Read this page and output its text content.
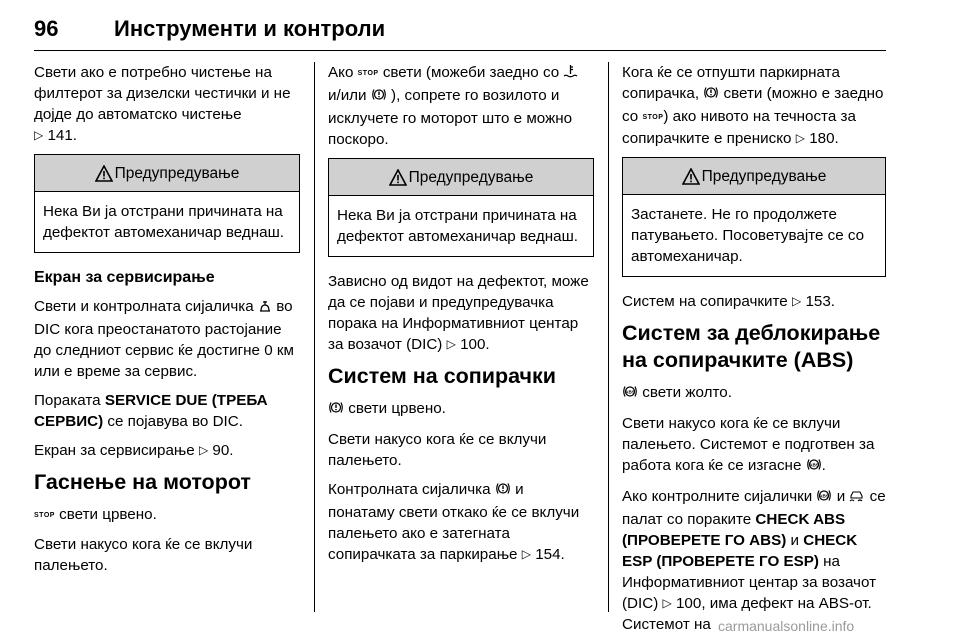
96	Инструменти и контроли

Свети ако е потребно чистење на филтерот за дизелски честички и не дојде до автоматско чистење
▷ 141.

Предупредување
Нека Ви ја отстрани причината на дефектот автомеханичар веднаш.
Екран за сервисирање

Свети и контролната сијаличка во DIC кога преостанатото растојание до следниот сервис ќе достигне 0 км или е време за сервис.

Пораката SERVICE DUE (ТРЕБА СЕРВИС) се појавува во DIC.

Екран за сервисирање ▷ 90.

Гаснење на моторот

STOP свети црвено.

Свети накусо кога ќе се вклучи палењето.

Ако STOP свети (можеби заедно со  и/или ), сопрете го возилото и исклучете го моторот што е можно поскоро.

Предупредување
Нека Ви ја отстрани причината на дефектот автомеханичар веднаш.

Зависно од видот на дефектот, може да се појави и предупредувачка порака на Информативниот центар за возачот (DIC) ▷ 100.

Систем на сопирачки

свети црвено.

Свети накусо кога ќе се вклучи палењето.

Контролната сијаличка и понатаму свети откако ќе се вклучи палењето ако е затегната сопирачката за паркирање ▷ 154.

Кога ќе се отпушти паркирната сопирачка, свети (можно е заедно со STOP) ако нивото на течноста за сопирачките е прениско ▷ 180.

Предупредување
Застанете. Не го продолжете патувањето. Посоветувајте се со автомеханичар.

Систем на сопирачките ▷ 153.

Систем за деблокирање на сопирачките (ABS)

ABS свети жолто.

Свети накусо кога ќе се вклучи палењето. Системот е подготвен за работа кога ќе се изгасне ABS .

Ако контролните сијалички ABS и се палат со пораките CHECK ABS (ПРОВЕРЕТЕ ГО ABS) и CHECK ESP (ПРОВЕРЕТЕ ГО ESP) на Информативниот центар за возачот (DIC) ▷ 100, има дефект на ABS-от. Системот на carmanualsonline.info
